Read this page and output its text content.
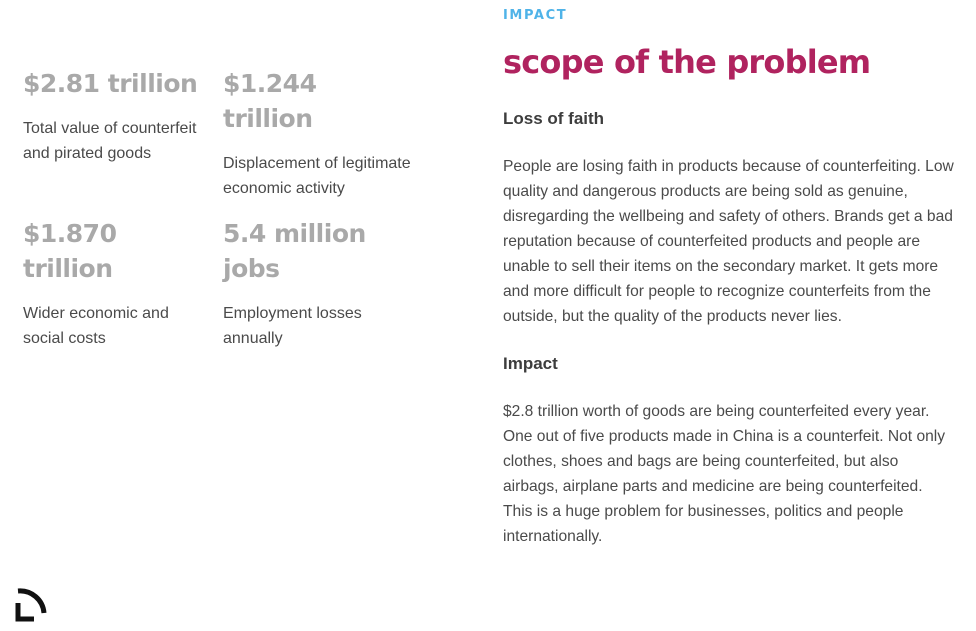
$2.81 trillion

Total value of counterfeit and pirated goods

$1.244 trillion

Displacement of legitimate economic activity

$1.870 trillion

Wider economic and social costs

5.4 million jobs

Employment losses annually

IMPACT

scope of the problem
Loss of faith

People are losing faith in products because of counterfeiting. Low quality and dangerous products are being sold as genuine, disregarding the wellbeing and safety of others. Brands get a bad reputation because of counterfeited products and people are unable to sell their items on the secondary market. It gets more and more difficult for people to recognize counterfeits from the outside, but the quality of the products never lies.

Impact

$2.8 trillion worth of goods are being counterfeited every year. One out of five products made in China is a counterfeit. Not only clothes, shoes and bags are being counterfeited, but also airbags, airplane parts and medicine are being counterfeited. This is a huge problem for businesses, politics and people internationally.
